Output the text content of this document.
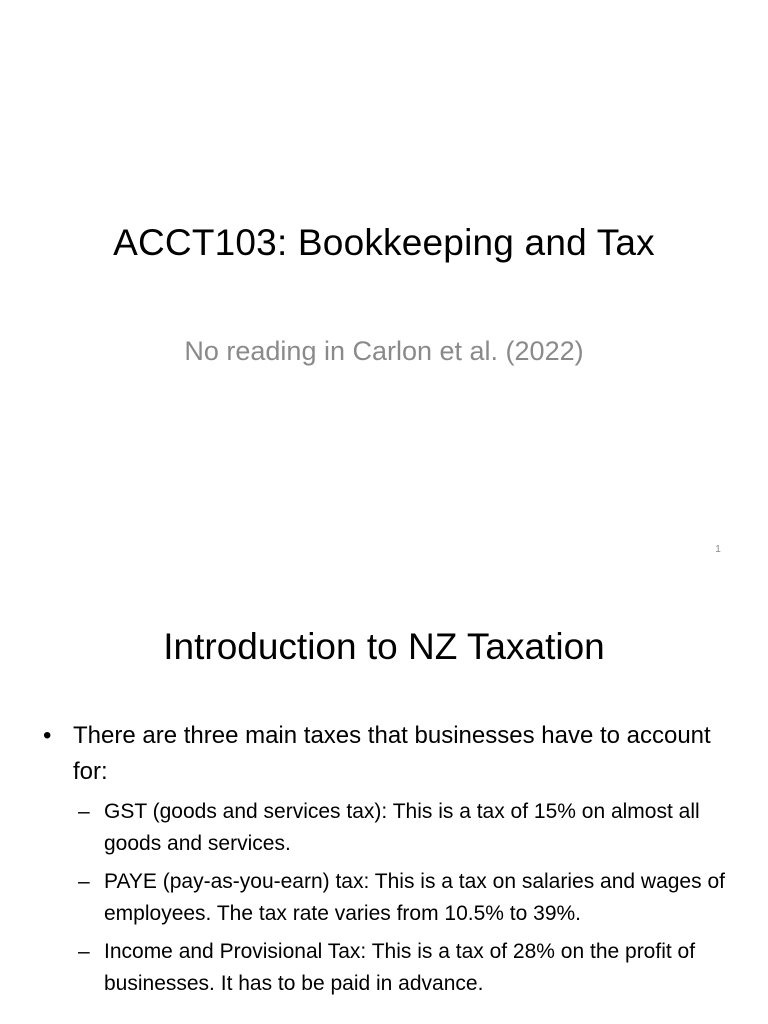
ACCT103: Bookkeeping and Tax
No reading in Carlon et al. (2022)
1
Introduction to NZ Taxation
• There are three main taxes that businesses have to account for:
– GST (goods and services tax): This is a tax of 15% on almost all goods and services.
– PAYE (pay-as-you-earn) tax: This is a tax on salaries and wages of employees. The tax rate varies from 10.5% to 39%.
– Income and Provisional Tax: This is a tax of 28% on the profit of businesses. It has to be paid in advance.
